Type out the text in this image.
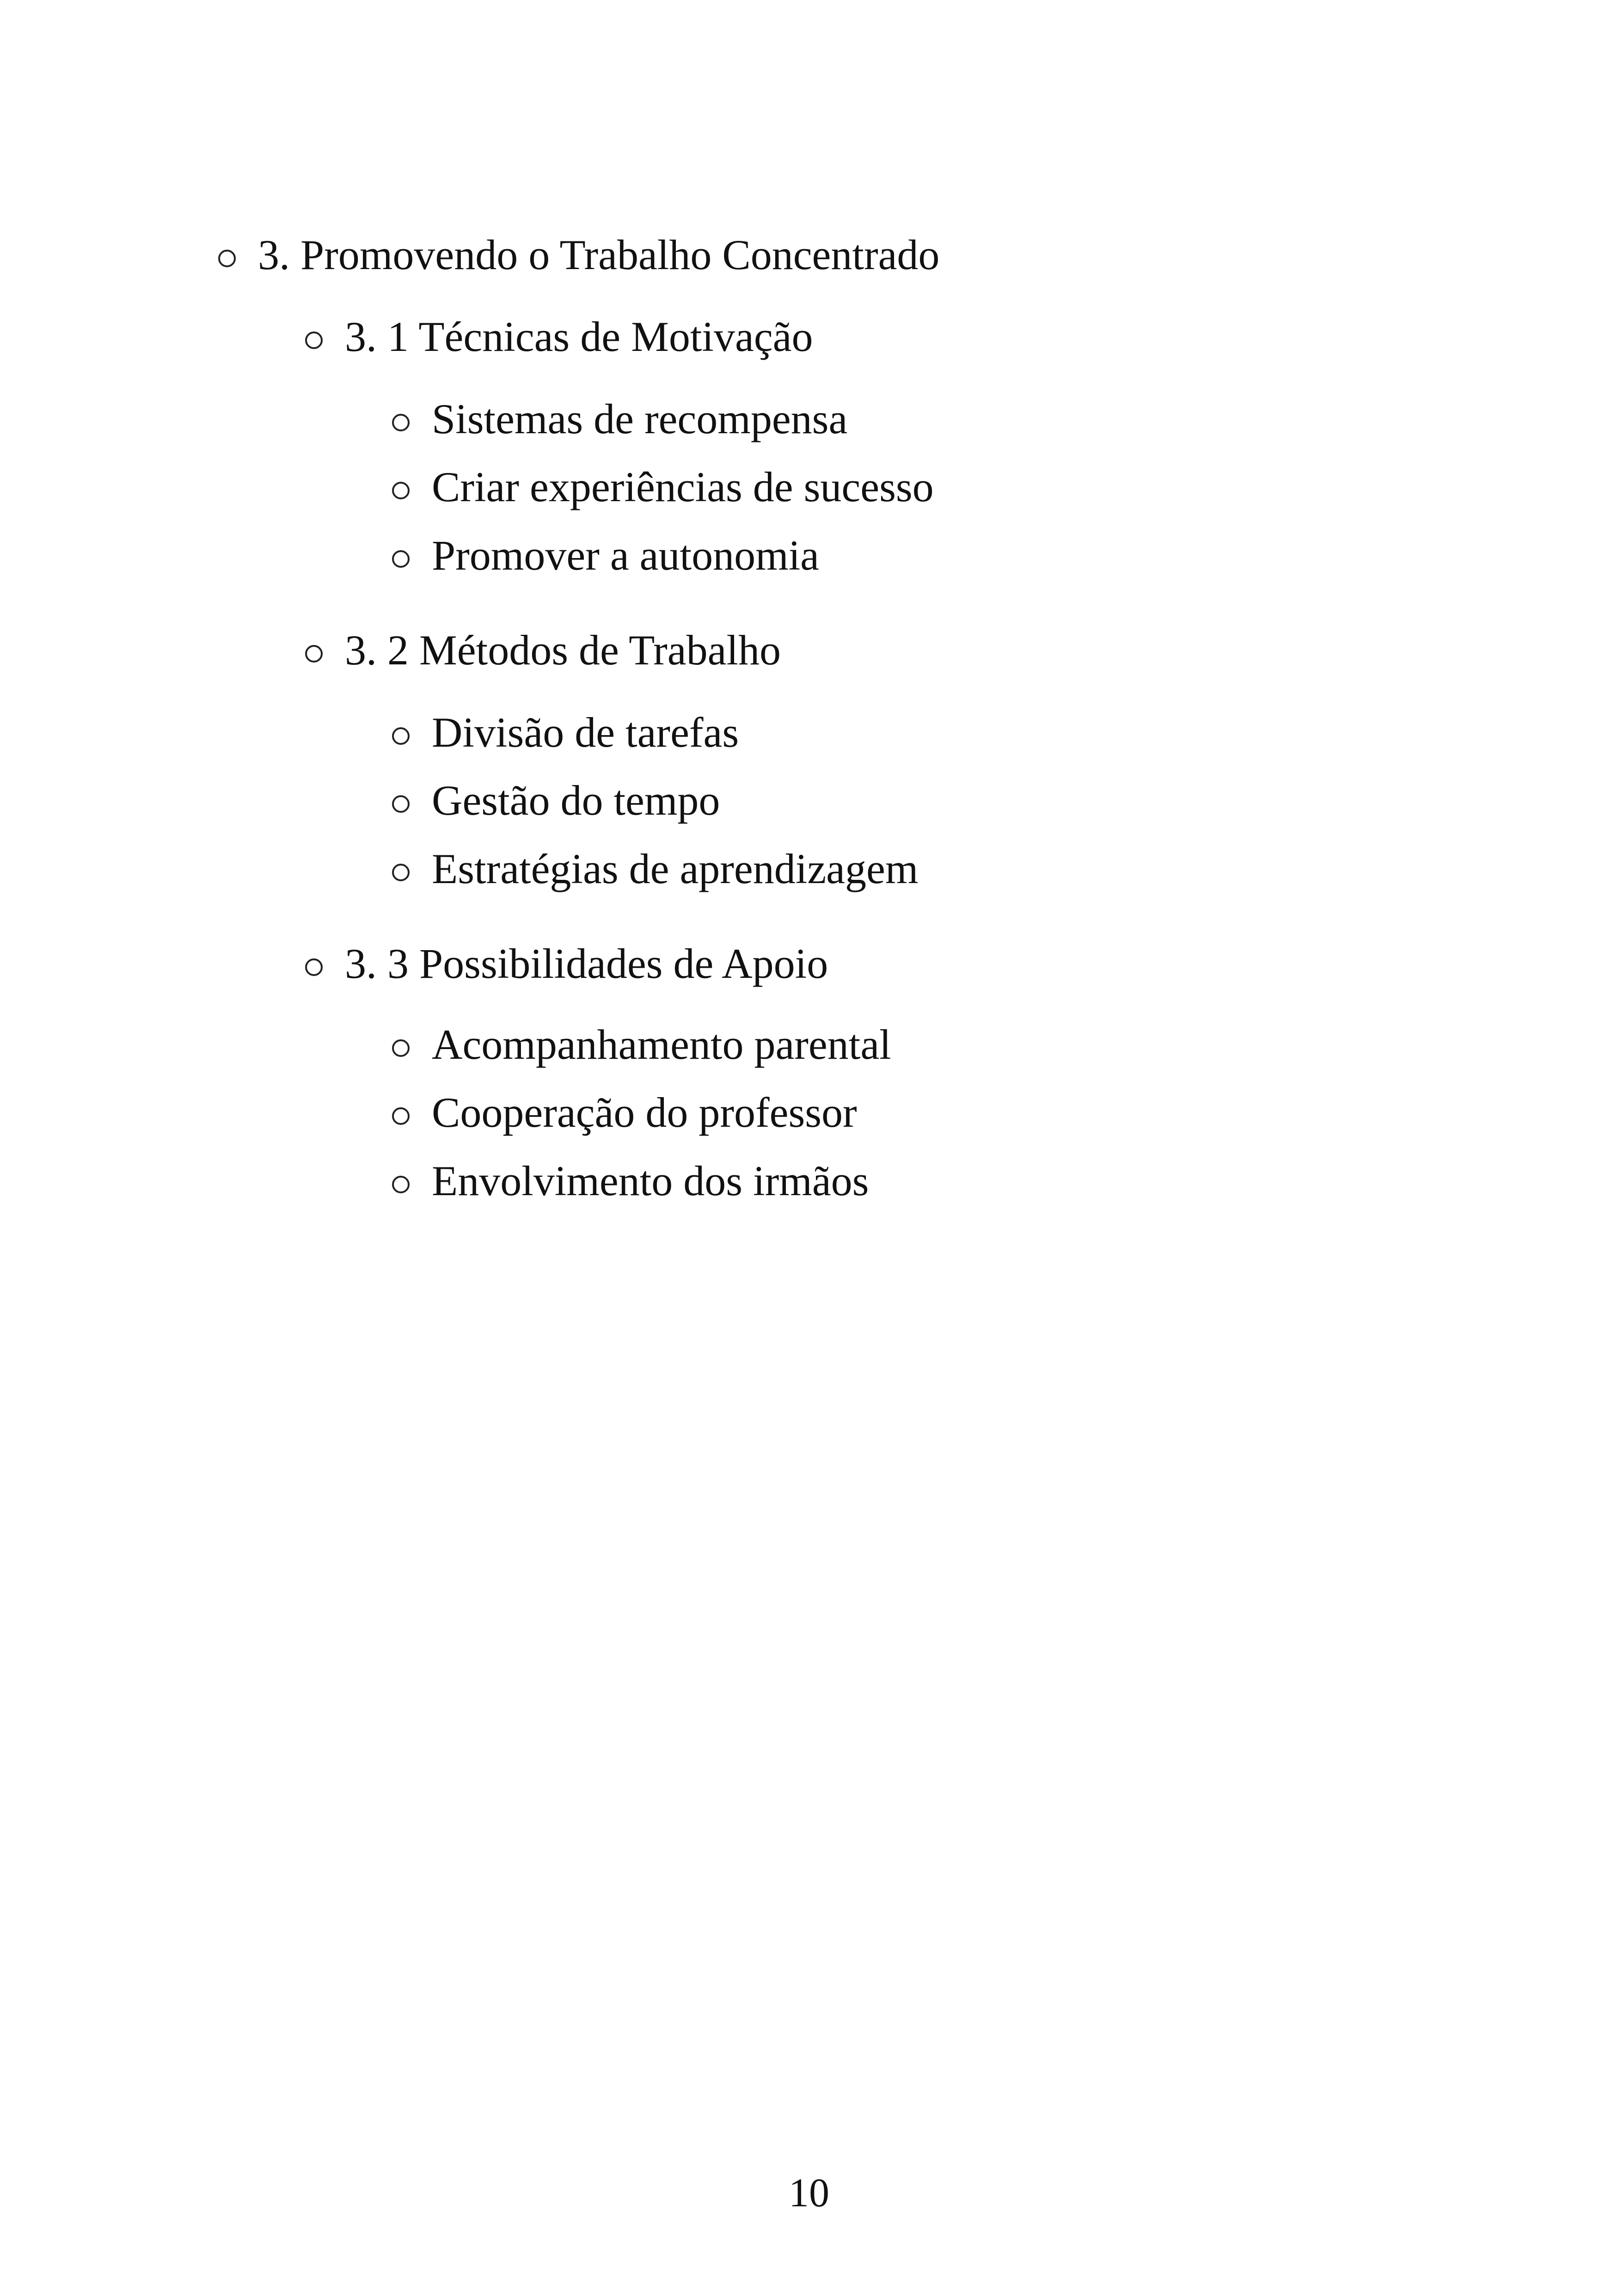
3. Promovendo o Trabalho Concentrado
3. 1 Técnicas de Motivação
Sistemas de recompensa
Criar experiências de sucesso
Promover a autonomia
3. 2 Métodos de Trabalho
Divisão de tarefas
Gestão do tempo
Estratégias de aprendizagem
3. 3 Possibilidades de Apoio
Acompanhamento parental
Cooperação do professor
Envolvimento dos irmãos
10
